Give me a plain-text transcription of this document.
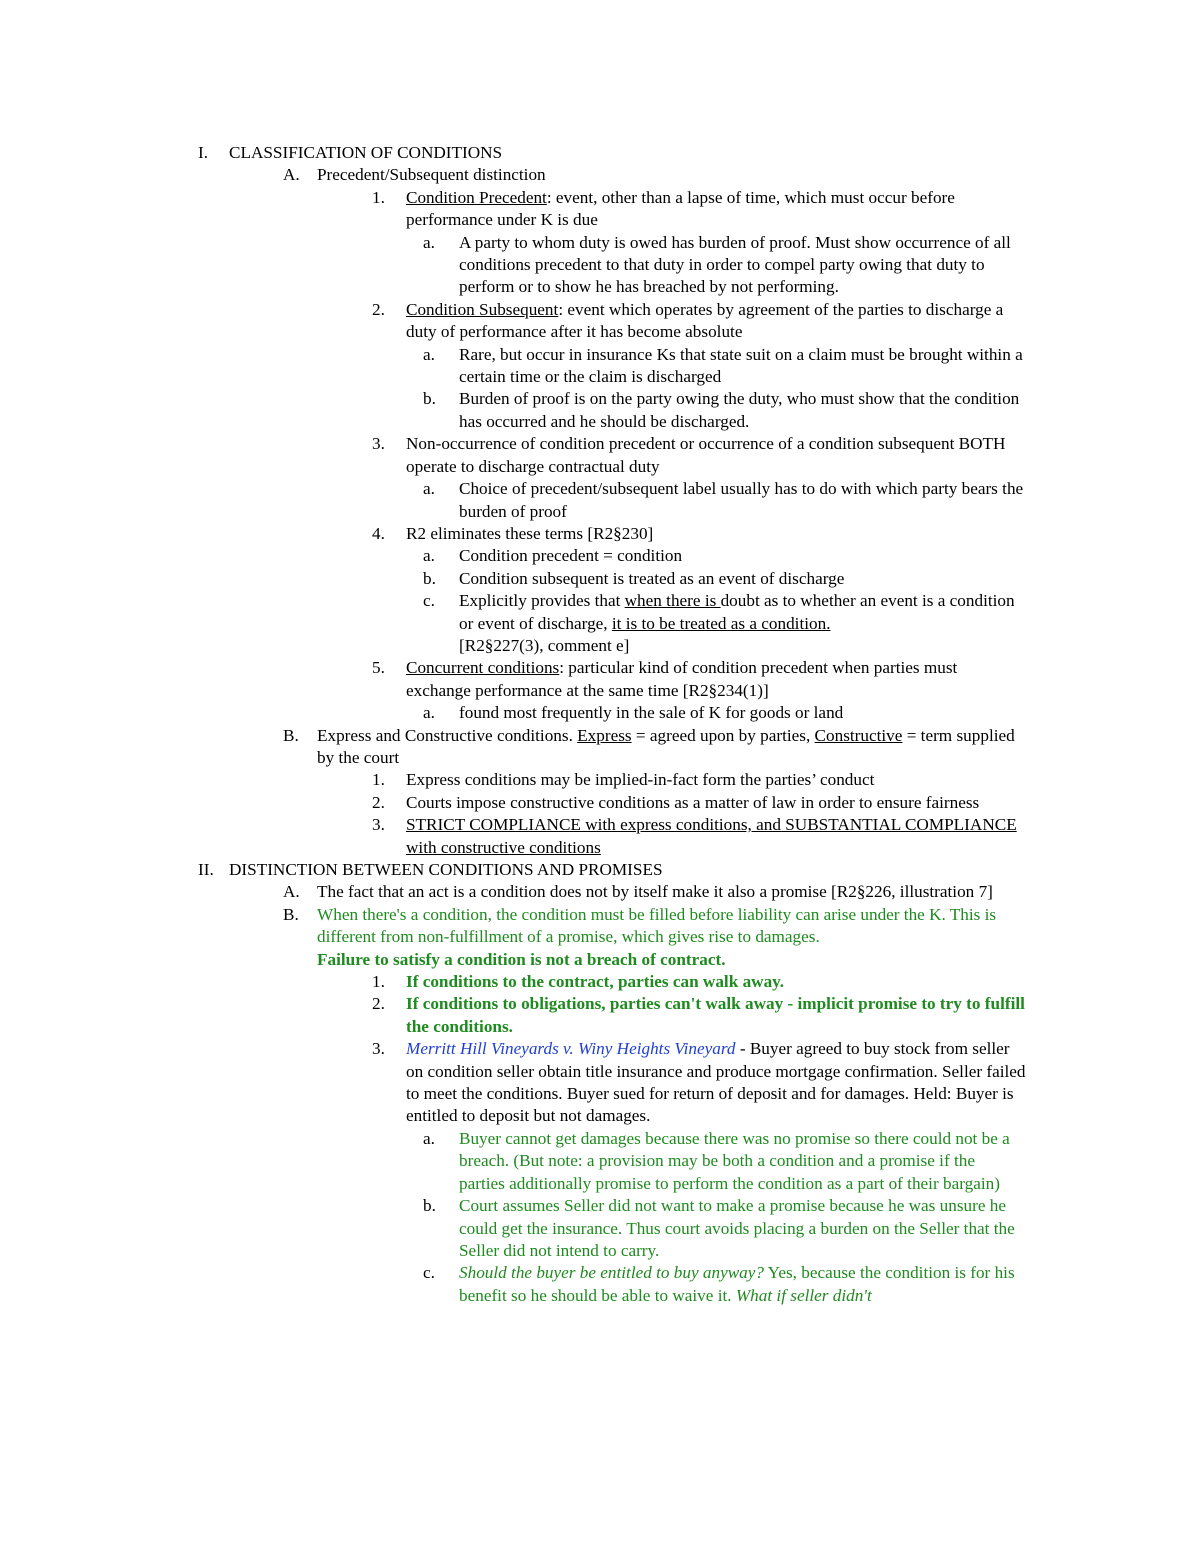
I. CLASSIFICATION OF CONDITIONS
A. Precedent/Subsequent distinction
1. Condition Precedent: event, other than a lapse of time, which must occur before performance under K is due
a. A party to whom duty is owed has burden of proof. Must show occurrence of all conditions precedent to that duty in order to compel party owing that duty to perform or to show he has breached by not performing.
2. Condition Subsequent: event which operates by agreement of the parties to discharge a duty of performance after it has become absolute
a. Rare, but occur in insurance Ks that state suit on a claim must be brought within a certain time or the claim is discharged
b. Burden of proof is on the party owing the duty, who must show that the condition has occurred and he should be discharged.
3. Non-occurrence of condition precedent or occurrence of a condition subsequent BOTH operate to discharge contractual duty
a. Choice of precedent/subsequent label usually has to do with which party bears the burden of proof
4. R2 eliminates these terms [R2§230]
a. Condition precedent = condition
b. Condition subsequent is treated as an event of discharge
c. Explicitly provides that when there is doubt as to whether an event is a condition or event of discharge, it is to be treated as a condition.
[R2§227(3), comment e]
5. Concurrent conditions: particular kind of condition precedent when parties must exchange performance at the same time [R2§234(1)]
a. found most frequently in the sale of K for goods or land
B. Express and Constructive conditions. Express = agreed upon by parties, Constructive = term supplied by the court
1. Express conditions may be implied-in-fact form the parties’ conduct
2. Courts impose constructive conditions as a matter of law in order to ensure fairness
3. STRICT COMPLIANCE with express conditions, and SUBSTANTIAL COMPLIANCE with constructive conditions
II. DISTINCTION BETWEEN CONDITIONS AND PROMISES
A. The fact that an act is a condition does not by itself make it also a promise [R2§226, illustration 7]
B. When there's a condition, the condition must be filled before liability can arise under the K. This is different from non-fulfillment of a promise, which gives rise to damages.
Failure to satisfy a condition is not a breach of contract.
1. If conditions to the contract, parties can walk away.
2. If conditions to obligations, parties can't walk away - implicit promise to try to fulfill the conditions.
3. Merritt Hill Vineyards v. Winy Heights Vineyard - Buyer agreed to buy stock from seller on condition seller obtain title insurance and produce mortgage confirmation. Seller failed to meet the conditions. Buyer sued for return of deposit and for damages. Held: Buyer is entitled to deposit but not damages.
a. Buyer cannot get damages because there was no promise so there could not be a breach. (But note: a provision may be both a condition and a promise if the parties additionally promise to perform the condition as a part of their bargain)
b. Court assumes Seller did not want to make a promise because he was unsure he could get the insurance. Thus court avoids placing a burden on the Seller that the Seller did not intend to carry.
c. Should the buyer be entitled to buy anyway? Yes, because the condition is for his benefit so he should be able to waive it. What if seller didn't
